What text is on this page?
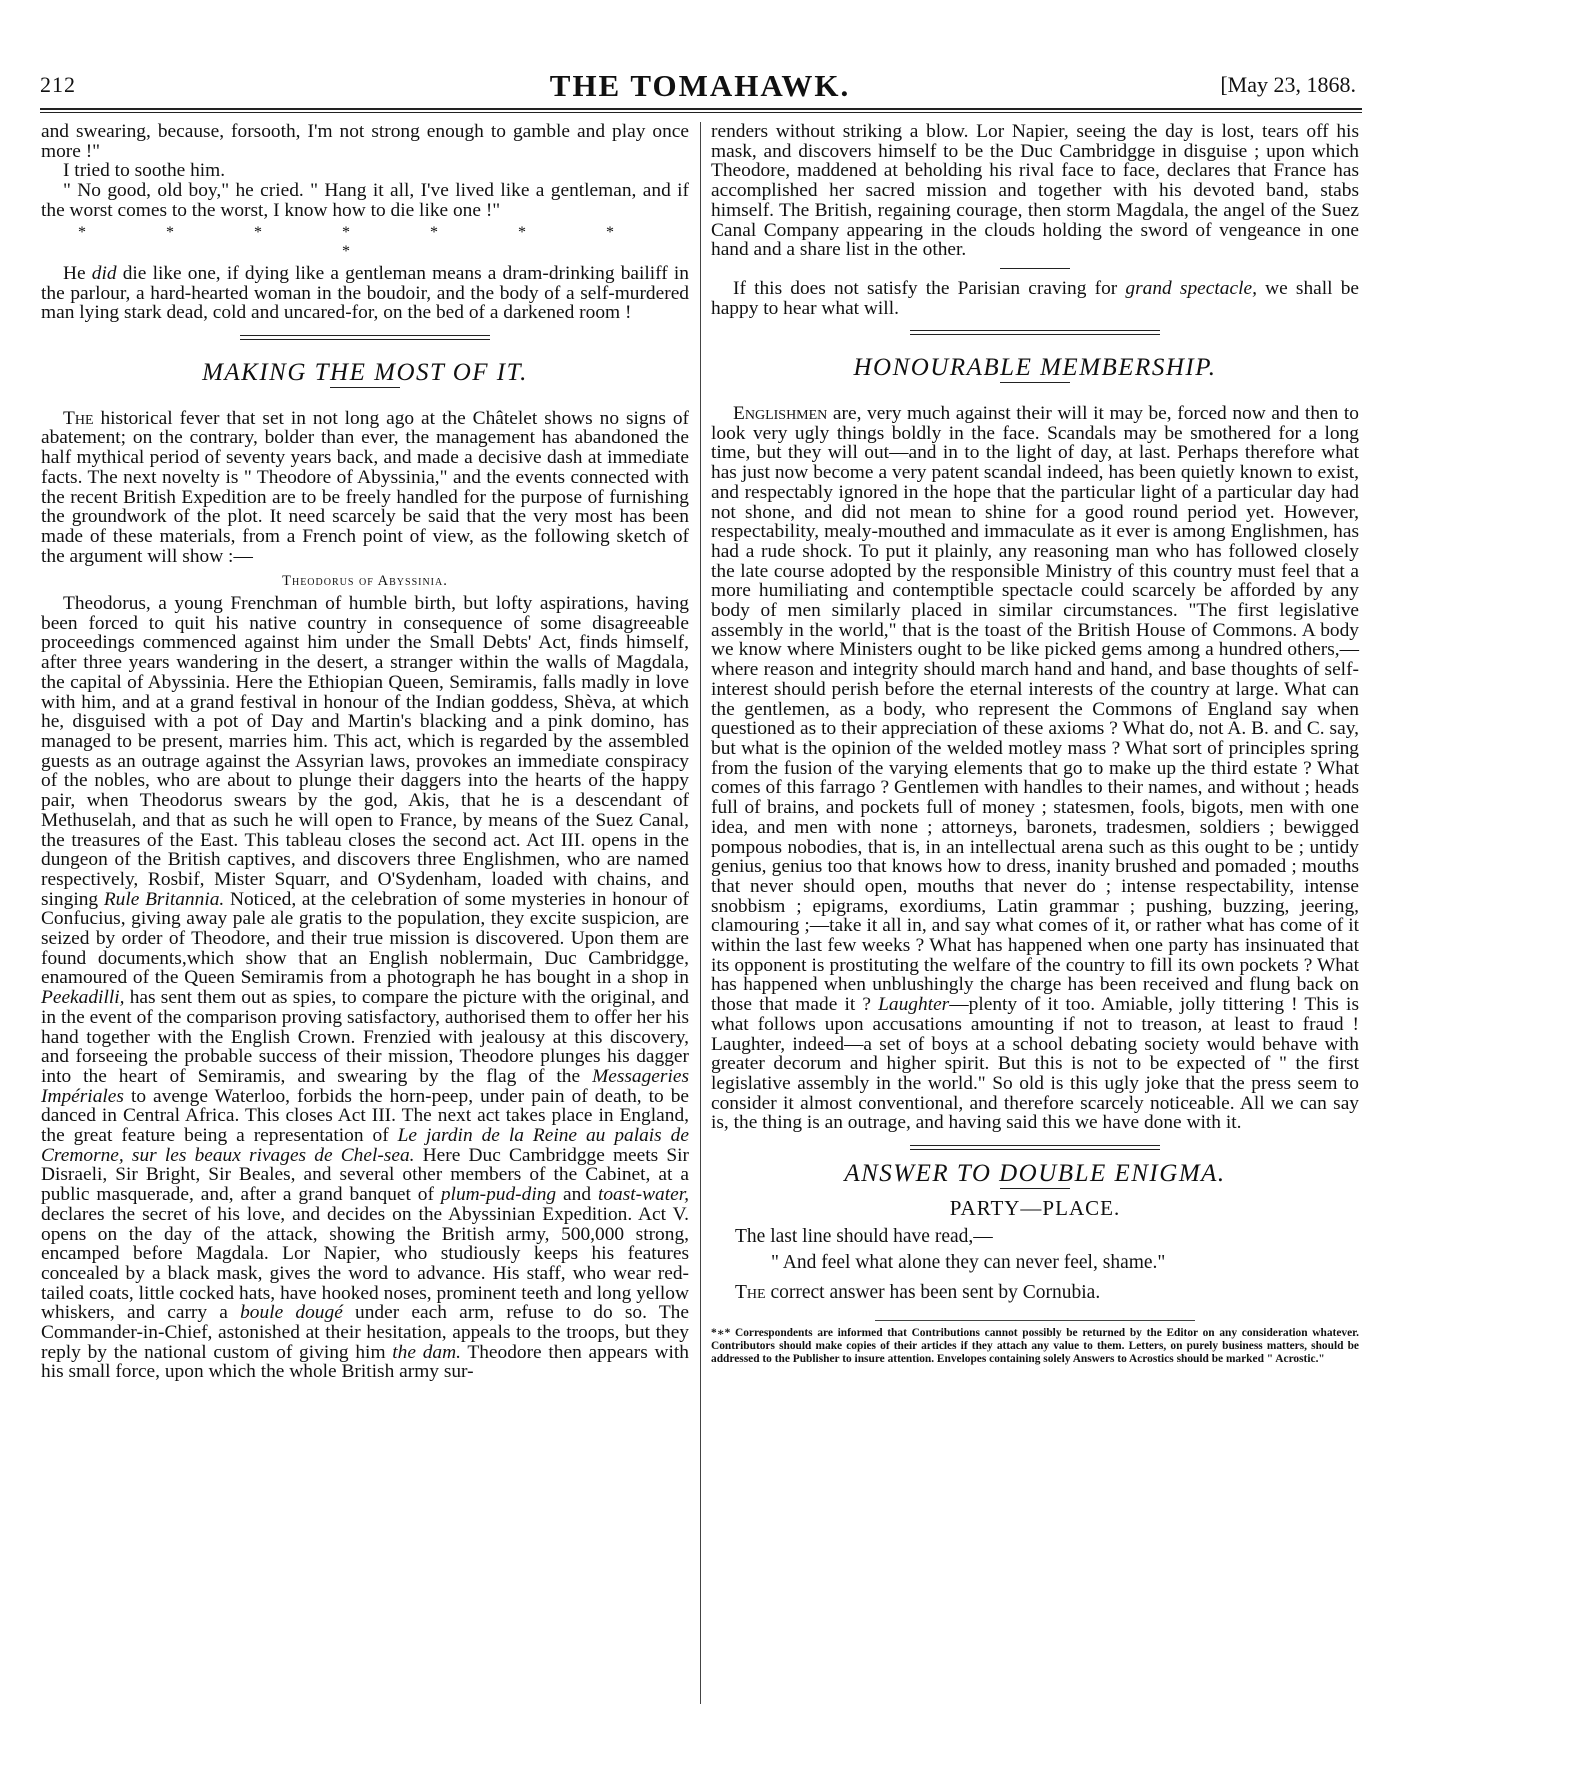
212	THE TOMAHAWK.	[May 23, 1868.

and swearing, because, forsooth, I'm not strong enough to gamble and play once more !"

I tried to soothe him.

" No good, old boy," he cried. " Hang it all, I've lived like a gentleman, and if the worst comes to the worst, I know how to die like one !"

* * * * * * * *

He did die like one, if dying like a gentleman means a dram-drinking bailiff in the parlour, a hard-hearted woman in the boudoir, and the body of a self-murdered man lying stark dead, cold and uncared-for, on the bed of a darkened room !

MAKING THE MOST OF IT.

The historical fever that set in not long ago at the Châtelet shows no signs of abatement; on the contrary, bolder than ever, the management has abandoned the half mythical period of seventy years back, and made a decisive dash at immediate facts. The next novelty is " Theodore of Abyssinia," and the events connected with the recent British Expedition are to be freely handled for the purpose of furnishing the groundwork of the plot. It need scarcely be said that the very most has been made of these materials, from a French point of view, as the following sketch of the argument will show :—

Theodorus of Abyssinia.

Theodorus, a young Frenchman of humble birth, but lofty aspirations, having been forced to quit his native country in consequence of some disagreeable proceedings commenced against him under the Small Debts' Act, finds himself, after three years wandering in the desert, a stranger within the walls of Magdala, the capital of Abyssinia. Here the Ethiopian Queen, Semiramis, falls madly in love with him, and at a grand festival in honour of the Indian goddess, Shèva, at which he, disguised with a pot of Day and Martin's blacking and a pink domino, has managed to be present, marries him. This act, which is regarded by the assembled guests as an outrage against the Assyrian laws, provokes an immediate conspiracy of the nobles, who are about to plunge their daggers into the hearts of the happy pair, when Theodorus swears by the god, Akis, that he is a descendant of Methuselah, and that as such he will open to France, by means of the Suez Canal, the treasures of the East. This tableau closes the second act. Act III. opens in the dungeon of the British captives, and discovers three Englishmen, who are named respectively, Rosbif, Mister Squarr, and O'Sydenham, loaded with chains, and singing Rule Britannia. Noticed, at the celebration of some mysteries in honour of Confucius, giving away pale ale gratis to the population, they excite suspicion, are seized by order of Theodore, and their true mission is discovered. Upon them are found documents,which show that an English noblermain, Duc Cambridgge, enamoured of the Queen Semiramis from a photograph he has bought in a shop in Peekadilli, has sent them out as spies, to compare the picture with the original, and in the event of the comparison proving satisfactory, authorised them to offer her his hand together with the English Crown. Frenzied with jealousy at this discovery, and forseeing the probable success of their mission, Theodore plunges his dagger into the heart of Semiramis, and swearing by the flag of the Messageries Impériales to avenge Waterloo, forbids the horn-peep, under pain of death, to be danced in Central Africa. This closes Act III. The next act takes place in England, the great feature being a representation of Le jardin de la Reine au palais de Cremorne, sur les beaux rivages de Chel-sea. Here Duc Cambridgge meets Sir Disraeli, Sir Bright, Sir Beales, and several other members of the Cabinet, at a public masquerade, and, after a grand banquet of plum-pud-ding and toast-water, declares the secret of his love, and decides on the Abyssinian Expedition. Act V. opens on the day of the attack, showing the British army, 500,000 strong, encamped before Magdala. Lor Napier, who studiously keeps his features concealed by a black mask, gives the word to advance. His staff, who wear red-tailed coats, little cocked hats, have hooked noses, prominent teeth and long yellow whiskers, and carry a boule dougé under each arm, refuse to do so. The Commander-in-Chief, astonished at their hesitation, appeals to the troops, but they reply by the national custom of giving him the dam. Theodore then appears with his small force, upon which the whole British army sur-

renders without striking a blow. Lor Napier, seeing the day is lost, tears off his mask, and discovers himself to be the Duc Cambridgge in disguise ; upon which Theodore, maddened at beholding his rival face to face, declares that France has accomplished her sacred mission and together with his devoted band, stabs himself. The British, regaining courage, then storm Magdala, the angel of the Suez Canal Company appearing in the clouds holding the sword of vengeance in one hand and a share list in the other.

If this does not satisfy the Parisian craving for grand spectacle, we shall be happy to hear what will.

HONOURABLE MEMBERSHIP.

Englishmen are, very much against their will it may be, forced now and then to look very ugly things boldly in the face. Scandals may be smothered for a long time, but they will out—and in to the light of day, at last. Perhaps therefore what has just now become a very patent scandal indeed, has been quietly known to exist, and respectably ignored in the hope that the particular light of a particular day had not shone, and did not mean to shine for a good round period yet. However, respectability, mealy-mouthed and immaculate as it ever is among Englishmen, has had a rude shock. To put it plainly, any reasoning man who has followed closely the late course adopted by the responsible Ministry of this country must feel that a more humiliating and contemptible spectacle could scarcely be afforded by any body of men similarly placed in similar circumstances. "The first legislative assembly in the world," that is the toast of the British House of Commons. A body we know where Ministers ought to be like picked gems among a hundred others,—where reason and integrity should march hand and hand, and base thoughts of self-interest should perish before the eternal interests of the country at large. What can the gentlemen, as a body, who represent the Commons of England say when questioned as to their appreciation of these axioms ? What do, not A. B. and C. say, but what is the opinion of the welded motley mass ? What sort of principles spring from the fusion of the varying elements that go to make up the third estate ? What comes of this farrago ? Gentlemen with handles to their names, and without ; heads full of brains, and pockets full of money ; statesmen, fools, bigots, men with one idea, and men with none ; attorneys, baronets, tradesmen, soldiers ; bewigged pompous nobodies, that is, in an intellectual arena such as this ought to be ; untidy genius, genius too that knows how to dress, inanity brushed and pomaded ; mouths that never should open, mouths that never do ; intense respectability, intense snobbism ; epigrams, exordiums, Latin grammar ; pushing, buzzing, jeering, clamouring ;—take it all in, and say what comes of it, or rather what has come of it within the last few weeks ? What has happened when one party has insinuated that its opponent is prostituting the welfare of the country to fill its own pockets ? What has happened when unblushingly the charge has been received and flung back on those that made it ? Laughter—plenty of it too. Amiable, jolly tittering ! This is what follows upon accusations amounting if not to treason, at least to fraud ! Laughter, indeed—a set of boys at a school debating society would behave with greater decorum and higher spirit. But this is not to be expected of " the first legislative assembly in the world." So old is this ugly joke that the press seem to consider it almost conventional, and therefore scarcely noticeable. All we can say is, the thing is an outrage, and having said this we have done with it.

ANSWER TO DOUBLE ENIGMA.
PARTY—PLACE.
The last line should have read,—
" And feel what alone they can never feel, shame."
The correct answer has been sent by Cornubia.
*∗* Correspondents are informed that Contributions cannot possibly be returned by the Editor on any consideration whatever. Contributors should make copies of their articles if they attach any value to them. Letters, on purely business matters, should be addressed to the Publisher to insure attention. Envelopes containing solely Answers to Acrostics should be marked " Acrostic."
